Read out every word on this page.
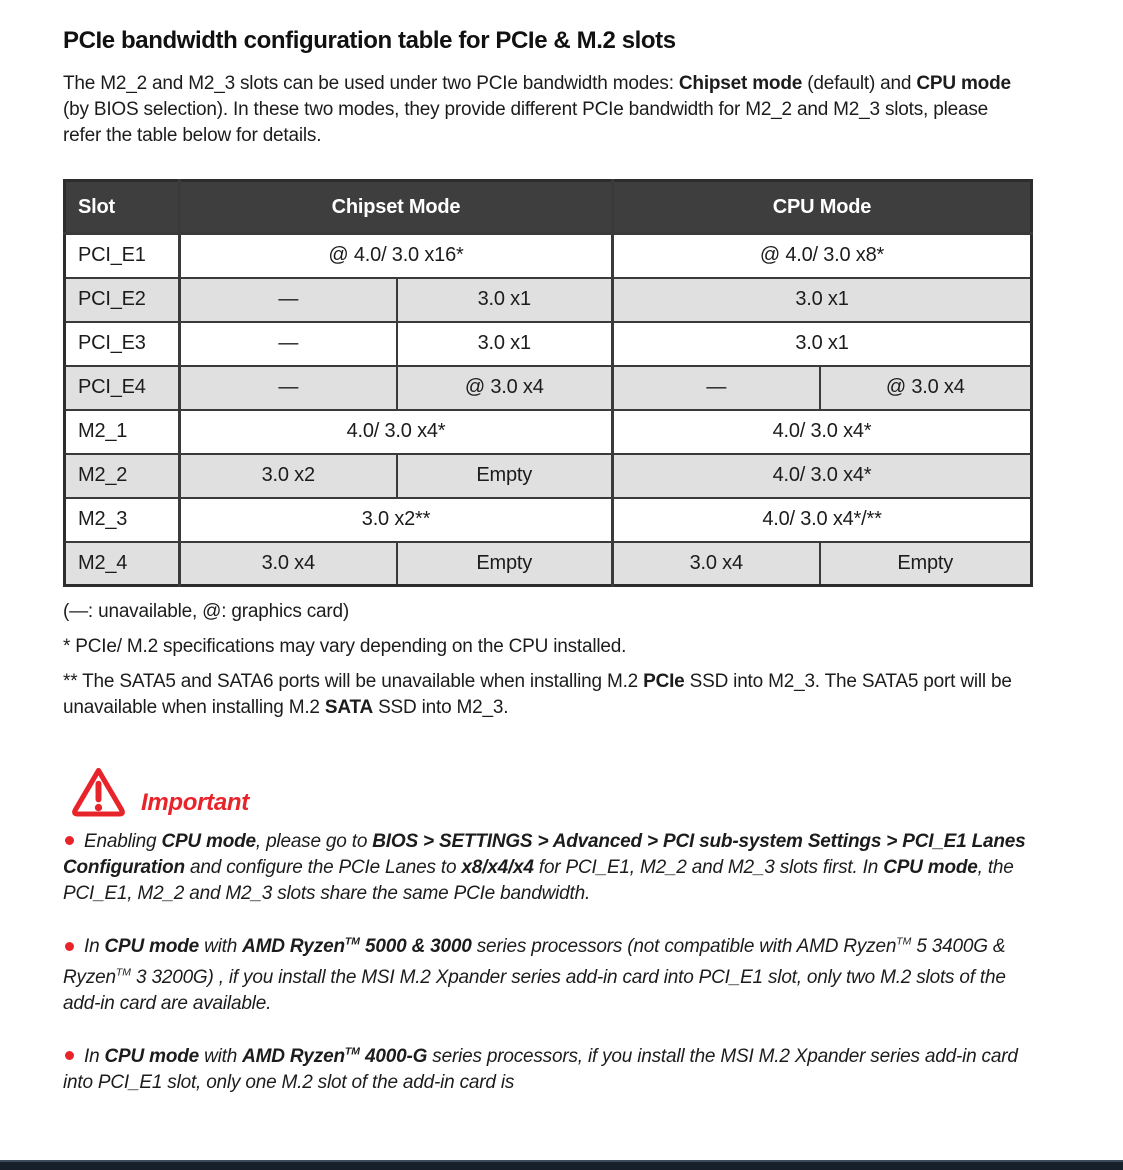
PCIe bandwidth configuration table for PCIe & M.2 slots

The M2_2 and M2_3 slots can be used under two PCIe bandwidth modes: Chipset mode (default) and CPU mode (by BIOS selection). In these two modes, they provide different PCIe bandwidth for M2_2 and M2_3 slots, please refer the table below for details.

Slot	Chipset Mode		CPU Mode	
PCI_E1	@ 4.0/ 3.0 x16*		@ 4.0/ 3.0 x8*	
PCI_E2	—	3.0 x1	3.0 x1	
PCI_E3	—	3.0 x1	3.0 x1	
PCI_E4	—	@ 3.0 x4	—	@ 3.0 x4
M2_1	4.0/ 3.0 x4*		4.0/ 3.0 x4*	
M2_2	3.0 x2	Empty	4.0/ 3.0 x4*	
M2_3	3.0 x2**		4.0/ 3.0 x4*/**	
M2_4	3.0 x4	Empty	3.0 x4	Empty

(—: unavailable, @: graphics card)

* PCIe/ M.2 specifications may vary depending on the CPU installed.

** The SATA5 and SATA6 ports will be unavailable when installing M.2 PCIe SSD into M2_3. The SATA5 port will be unavailable when installing M.2 SATA SSD into M2_3.

Important

Enabling CPU mode, please go to BIOS > SETTINGS > Advanced > PCI sub-system Settings > PCI_E1 Lanes Configuration and configure the PCIe Lanes to x8/x4/x4 for PCI_E1, M2_2 and M2_3 slots first. In CPU mode, the PCI_E1, M2_2 and M2_3 slots share the same PCIe bandwidth.

In CPU mode with AMD Ryzen™ 5000 & 3000 series processors (not compatible with AMD Ryzen™ 5 3400G & Ryzen™ 3 3200G) , if you install the MSI M.2 Xpander series add-in card into PCI_E1 slot, only two M.2 slots of the add-in card are available.

In CPU mode with AMD Ryzen™ 4000-G series processors, if you install the MSI M.2 Xpander series add-in card into PCI_E1 slot, only one M.2 slot of the add-in card is
